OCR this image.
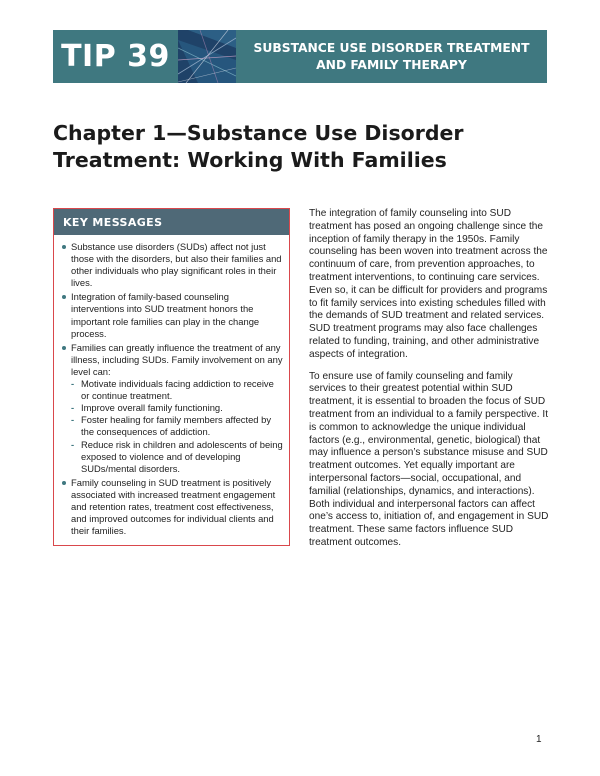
TIP 39	SUBSTANCE USE DISORDER TREATMENT AND FAMILY THERAPY
Chapter 1—Substance Use Disorder Treatment: Working With Families
KEY MESSAGES
Substance use disorders (SUDs) affect not just those with the disorders, but also their families and other individuals who play significant roles in their lives.
Integration of family-based counseling interventions into SUD treatment honors the important role families can play in the change process.
Families can greatly influence the treatment of any illness, including SUDs. Family involvement on any level can:
- Motivate individuals facing addiction to receive or continue treatment.
- Improve overall family functioning.
- Foster healing for family members affected by the consequences of addiction.
- Reduce risk in children and adolescents of being exposed to violence and of developing SUDs/mental disorders.
Family counseling in SUD treatment is positively associated with increased treatment engagement and retention rates, treatment cost effectiveness, and improved outcomes for individual clients and their families.

The integration of family counseling into SUD treatment has posed an ongoing challenge since the inception of family therapy in the 1950s. Family counseling has been woven into treatment across the continuum of care, from prevention approaches, to treatment interventions, to continuing care services. Even so, it can be difficult for providers and programs to fit family services into existing schedules filled with the demands of SUD treatment and related services. SUD treatment programs may also face challenges related to funding, training, and other administrative aspects of integration.

To ensure use of family counseling and family services to their greatest potential within SUD treatment, it is essential to broaden the focus of SUD treatment from an individual to a family perspective. It is common to acknowledge the unique individual factors (e.g., environmental, genetic, biological) that may influence a person’s substance misuse and SUD treatment outcomes. Yet equally important are interpersonal factors—social, occupational, and familial (relationships, dynamics, and interactions). Both individual and interpersonal factors can affect one’s access to, initiation of, and engagement in SUD treatment. These same factors influence SUD treatment outcomes.

1
